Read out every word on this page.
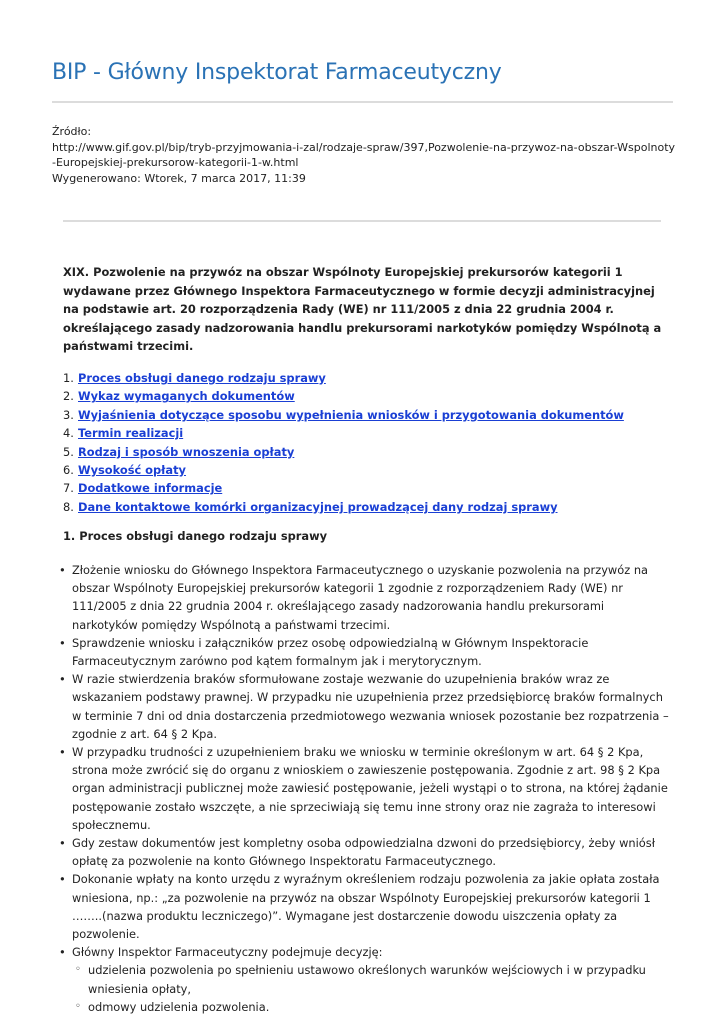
BIP - Główny Inspektorat Farmaceutyczny
Źródło:
http://www.gif.gov.pl/bip/tryb-przyjmowania-i-zal/rodzaje-spraw/397,Pozwolenie-na-przywoz-na-obszar-Wspolnoty-Europejskiej-prekursorow-kategorii-1-w.html
Wygenerowano: Wtorek, 7 marca 2017, 11:39

XIX. Pozwolenie na przywóz na obszar Wspólnoty Europejskiej prekursorów kategorii 1 wydawane przez Głównego Inspektora Farmaceutycznego w formie decyzji administracyjnej na podstawie art. 20 rozporządzenia Rady (WE) nr 111/2005 z dnia 22 grudnia 2004 r. określającego zasady nadzorowania handlu prekursorami narkotyków pomiędzy Wspólnotą a państwami trzecimi.

1. Proces obsługi danego rodzaju sprawy
2. Wykaz wymaganych dokumentów
3. Wyjaśnienia dotyczące sposobu wypełnienia wniosków i przygotowania dokumentów
4. Termin realizacji
5. Rodzaj i sposób wnoszenia opłaty
6. Wysokość opłaty
7. Dodatkowe informacje
8. Dane kontaktowe komórki organizacyjnej prowadzącej dany rodzaj sprawy
1. Proces obsługi danego rodzaju sprawy
• Złożenie wniosku do Głównego Inspektora Farmaceutycznego o uzyskanie pozwolenia na przywóz na obszar Wspólnoty Europejskiej prekursorów kategorii 1 zgodnie z rozporządzeniem Rady (WE) nr 111/2005 z dnia 22 grudnia 2004 r. określającego zasady nadzorowania handlu prekursorami narkotyków pomiędzy Wspólnotą a państwami trzecimi.
• Sprawdzenie wniosku i załączników przez osobę odpowiedzialną w Głównym Inspektoracie Farmaceutycznym zarówno pod kątem formalnym jak i merytorycznym.
• W razie stwierdzenia braków sformułowane zostaje wezwanie do uzupełnienia braków wraz ze wskazaniem podstawy prawnej. W przypadku nie uzupełnienia przez przedsiębiorcę braków formalnych w terminie 7 dni od dnia dostarczenia przedmiotowego wezwania wniosek pozostanie bez rozpatrzenia – zgodnie z art. 64 § 2 Kpa.
• W przypadku trudności z uzupełnieniem braku we wniosku w terminie określonym w art. 64 § 2 Kpa, strona może zwrócić się do organu z wnioskiem o zawieszenie postępowania. Zgodnie z art. 98 § 2 Kpa organ administracji publicznej może zawiesić postępowanie, jeżeli wystąpi o to strona, na której żądanie postępowanie zostało wszczęte, a nie sprzeciwiają się temu inne strony oraz nie zagraża to interesowi społecznemu.
• Gdy zestaw dokumentów jest kompletny osoba odpowiedzialna dzwoni do przedsiębiorcy, żeby wniósł opłatę za pozwolenie na konto Głównego Inspektoratu Farmaceutycznego.
• Dokonanie wpłaty na konto urzędu z wyraźnym określeniem rodzaju pozwolenia za jakie opłata została wniesiona, np.: „za pozwolenie na przywóz na obszar Wspólnoty Europejskiej prekursorów kategorii 1 ……..(nazwa produktu leczniczego)”. Wymagane jest dostarczenie dowodu uiszczenia opłaty za pozwolenie.
• Główny Inspektor Farmaceutyczny podejmuje decyzję:
◦ udzielenia pozwolenia po spełnieniu ustawowo określonych warunków wejściowych i w przypadku wniesienia opłaty,
◦ odmowy udzielenia pozwolenia.
